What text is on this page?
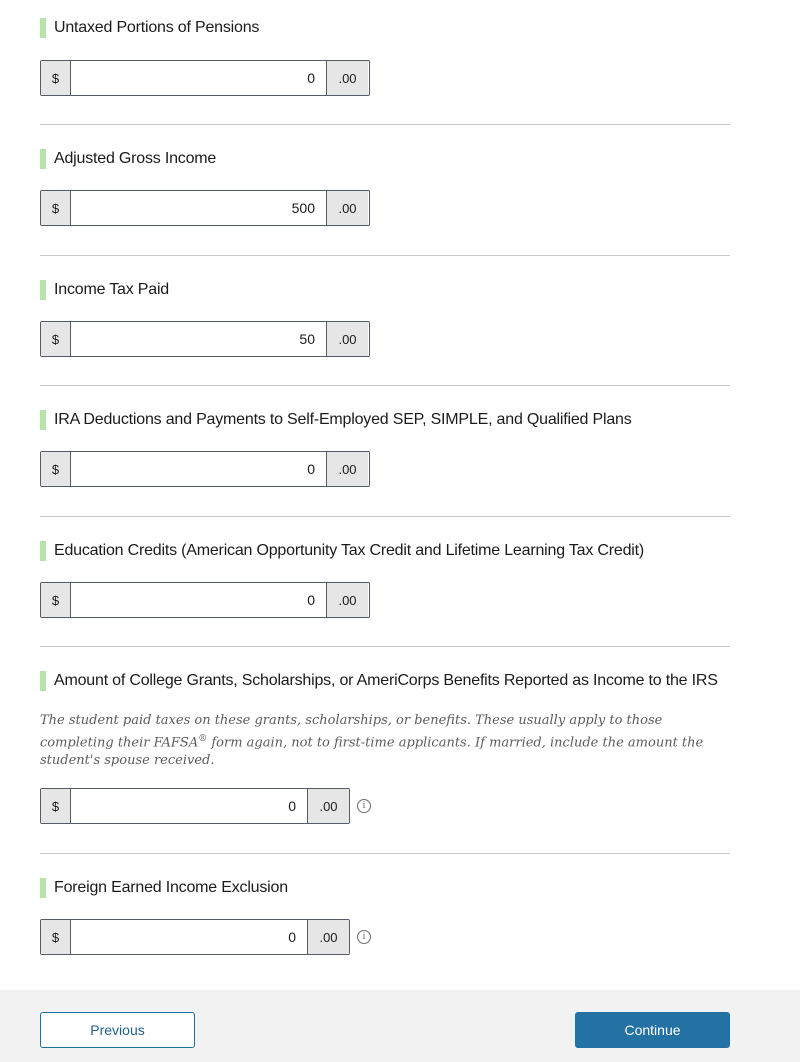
Untaxed Portions of Pensions
$
0	.00
Adjusted Gross Income
$
500	.00
Income Tax Paid
$
50	.00
IRA Deductions and Payments to Self-Employed SEP, SIMPLE, and Qualified Plans
$
0	.00
Education Credits (American Opportunity Tax Credit and Lifetime Learning Tax Credit)
$
0	.00
Amount of College Grants, Scholarships, or AmeriCorps Benefits Reported as Income to the IRS

The student paid taxes on these grants, scholarships, or benefits. These usually apply to those completing their FAFSA® form again, not to first-time applicants. If married, include the amount the student's spouse received.

$
0	.00	i
Foreign Earned Income Exclusion
$
0	.00	i
Previous	Continue
